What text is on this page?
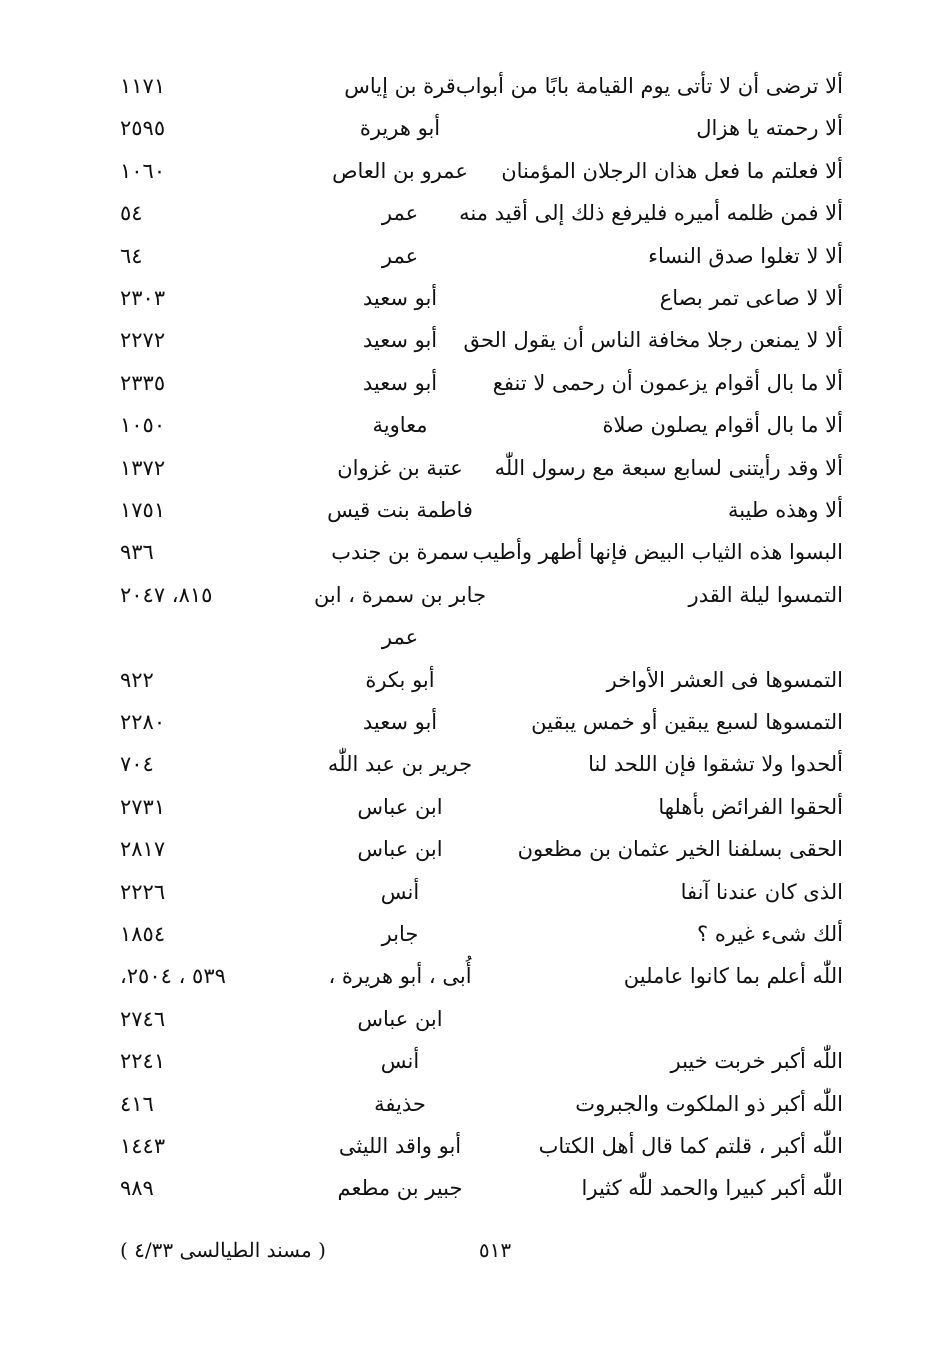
ألا ترضى أن لا تأتى يوم القيامة بابًا من أبواب
قرة بن إياس
١١٧١
ألا رحمته يا هزال
أبو هريرة
٢٥٩٥
ألا فعلتم ما فعل هذان الرجلان المؤمنان
عمرو بن العاص
١٠٦٠
ألا فمن ظلمه أميره فليرفع ذلك إلى أقيد منه
عمر
٥٤
ألا لا تغلوا صدق النساء
عمر
٦٤
ألا لا صاعى تمر بصاع
أبو سعيد
٢٣٠٣
ألا لا يمنعن رجلا مخافة الناس أن يقول الحق
أبو سعيد
٢٢٧٢
ألا ما بال أقوام يزعمون أن رحمى لا تنفع
أبو سعيد
٢٣٣٥
ألا ما بال أقوام يصلون صلاة
معاوية
١٠٥٠
ألا وقد رأيتنى لسابع سبعة مع رسول اللّٰه
عتبة بن غزوان
١٣٧٢
ألا وهذه طيبة
فاطمة بنت قيس
١٧٥١
البسوا هذه الثياب البيض فإنها أطهر وأطيب
سمرة بن جندب
٩٣٦
التمسوا ليلة القدر
جابر بن سمرة ، ابن
٨١٥، ٢٠٤٧
عمر
التمسوها فى العشر الأواخر
أبو بكرة
٩٢٢
التمسوها لسبع يبقين أو خمس يبقين
أبو سعيد
٢٢٨٠
ألحدوا ولا تشقوا فإن اللحد لنا
جرير بن عبد اللّٰه
٧٠٤
ألحقوا الفرائض بأهلها
ابن عباس
٢٧٣١
الحقى بسلفنا الخير عثمان بن مظعون
ابن عباس
٢٨١٧
الذى كان عندنا آنفا
أنس
٢٢٢٦
ألك شىء غيره ؟
جابر
١٨٥٤
اللّٰه أعلم بما كانوا عاملين
أُبى ، أبو هريرة ،
٥٣٩ ، ٢٥٠٤،
ابن عباس
٢٧٤٦
اللّٰه أكبر خربت خيبر
أنس
٢٢٤١
اللّٰه أكبر ذو الملكوت والجبروت
حذيفة
٤١٦
اللّٰه أكبر ، قلتم كما قال أهل الكتاب
أبو واقد الليثى
١٤٤٣
اللّٰه أكبر كبيرا والحمد للّٰه كثيرا
جبير بن مطعم
٩٨٩
٥١٣
( مسند الطيالسى ٤/٣٣ )
